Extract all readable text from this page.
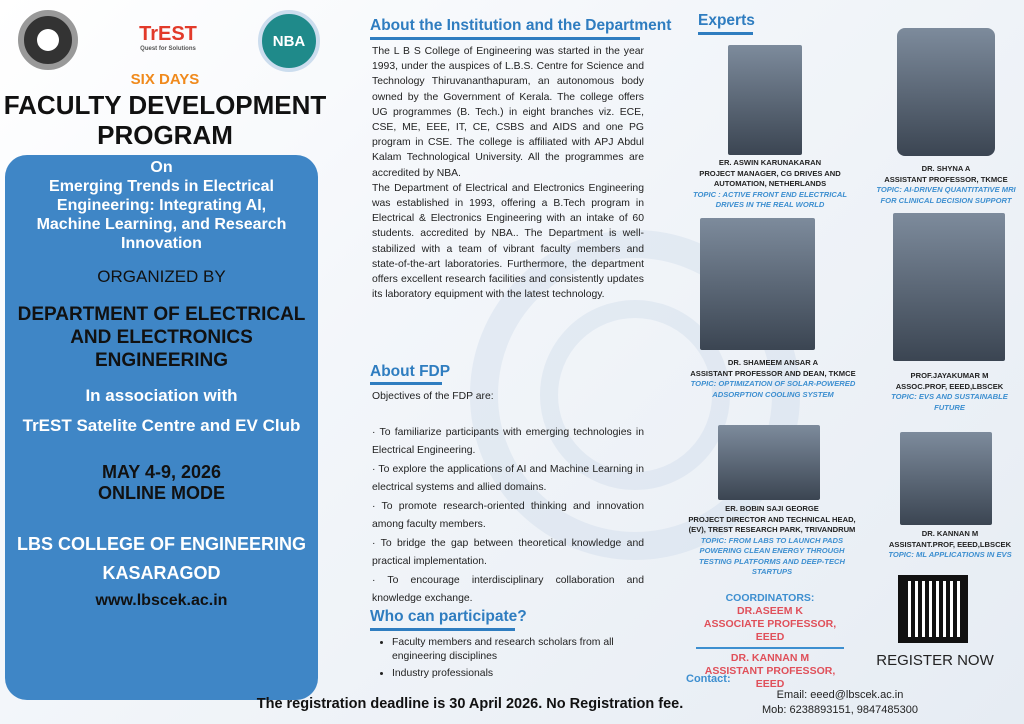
TrEST
Quest for Solutions	NBA
SIX DAYS
FACULTY DEVELOPMENT
PROGRAM
On
Emerging Trends in Electrical Engineering: Integrating AI, Machine Learning, and Research Innovation
ORGANIZED BY
DEPARTMENT OF ELECTRICAL AND ELECTRONICS ENGINEERING
In association with
TrEST Satelite Centre and EV Club
MAY 4-9, 2026
ONLINE MODE
LBS COLLEGE OF ENGINEERING
KASARAGOD
www.lbscek.ac.in
About the Institution and the Department

The L B S College of Engineering was started in the year 1993, under the auspices of L.B.S. Centre for Science and Technology Thiruvananthapuram, an autonomous body owned by the Government of Kerala. The college offers UG programmes (B. Tech.) in eight branches viz. ECE, CSE, ME, EEE, IT, CE, CSBS and AIDS and one PG program in CSE. The college is affiliated with APJ Abdul Kalam Technological University. All the programmes are accredited by NBA.

The Department of Electrical and Electronics Engineering was established in 1993, offering a B.Tech program in Electrical & Electronics Engineering with an intake of 60 students. accredited by NBA.. The Department is well-stabilized with a team of vibrant faculty members and state-of-the-art laboratories. Furthermore, the department offers excellent research facilities and consistently updates its laboratory equipment with the latest technology.

About FDP

Objectives of the FDP are:

· To familiarize participants with emerging technologies in Electrical Engineering.

· To explore the applications of AI and Machine Learning in electrical systems and allied domains.

· To promote research-oriented thinking and innovation among faculty members.

· To bridge the gap between theoretical knowledge and practical implementation.

· To encourage interdisciplinary collaboration and knowledge exchange.

Who can participate?
• Faculty members and research scholars from all engineering disciplines
• Industry professionals
Experts
ER. ASWIN KARUNAKARAN
PROJECT MANAGER, CG DRIVES AND AUTOMATION, NETHERLANDS
TOPIC : ACTIVE FRONT END ELECTRICAL DRIVES IN THE REAL WORLD
DR. SHYNA A
ASSISTANT PROFESSOR, TKMCE
TOPIC: AI-DRIVEN QUANTITATIVE MRI FOR CLINICAL DECISION SUPPORT
DR. SHAMEEM ANSAR A
ASSISTANT PROFESSOR AND DEAN, TKMCE
TOPIC: OPTIMIZATION OF SOLAR-POWERED ADSORPTION COOLING SYSTEM
PROF.JAYAKUMAR M
ASSOC.PROF, EEED,LBSCEK
TOPIC: EVS AND SUSTAINABLE FUTURE
ER. BOBIN SAJI GEORGE
PROJECT DIRECTOR AND TECHNICAL HEAD, (EV), TREST RESEARCH PARK, TRIVANDRUM
TOPIC: FROM LABS TO LAUNCH PADS POWERING CLEAN ENERGY THROUGH TESTING PLATFORMS AND DEEP-TECH STARTUPS
DR. KANNAN M
ASSISTANT.PROF, EEED,LBSCEK
TOPIC: ML APPLICATIONS IN EVS
COORDINATORS:
DR.ASEEM K
ASSOCIATE PROFESSOR, EEED
DR. KANNAN M
ASSISTANT PROFESSOR, EEED
Contact:
Email: eeed@lbscek.ac.in
Mob: 6238893151, 9847485300
REGISTER NOW
The registration deadline is 30 April 2026. No Registration fee.
